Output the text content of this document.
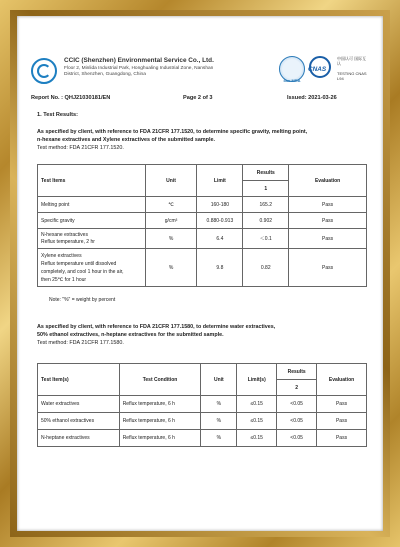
CCIC (Shenzhen) Environmental Service Co., Ltd.

Floor 2, Minlida Industrial Park, Honghualing Industrial Zone, Nanshan

District, Shenzhen, Guangdong, China

ilac-MRA
CNAS
中国认可 国际互认
TESTING CNAS L94
Report No. : QHJ21030181/EN	Page 2 of 3	Issued: 2021-03-26

1. Test Results:

As specified by client, with reference to FDA 21CFR 177.1520, to determine specific gravity, melting point,
n-hexane extractives and Xylene extractives of the submitted sample.
Test method: FDA 21CFR 177.1520.

Test Items	Unit	Limit	Results	Evaluation
			1	
Melting point	℃	160-180	165.2	Pass
Specific gravity	g/cm³	0.880-0.913	0.902	Pass
N-hexane extractives
Reflux temperature, 2 hr	%	6.4	＜0.1	Pass
Xylene extractives
Reflux temperature until dissolved
completely, and cool 1 hour in the air,
then 25℃ for 1 hour	%	9.8	0.82	Pass

Note: "%" = weight by percent

As specified by client, with reference to FDA 21CFR 177.1580, to determine water extractives,
50% ethanol extractives, n-heptane extractives for the submitted sample.
Test method: FDA 21CFR 177.1580.

Test Item(s)	Test Condition	Unit	Limit(s)	Results	Evaluation
				2	
Water extractives	Reflux temperature, 6 h	%	≤0.15	<0.05	Pass
50% ethanol extractives	Reflux temperature, 6 h	%	≤0.15	<0.05	Pass
N-heptane extractives	Reflux temperature, 6 h	%	≤0.15	<0.05	Pass
